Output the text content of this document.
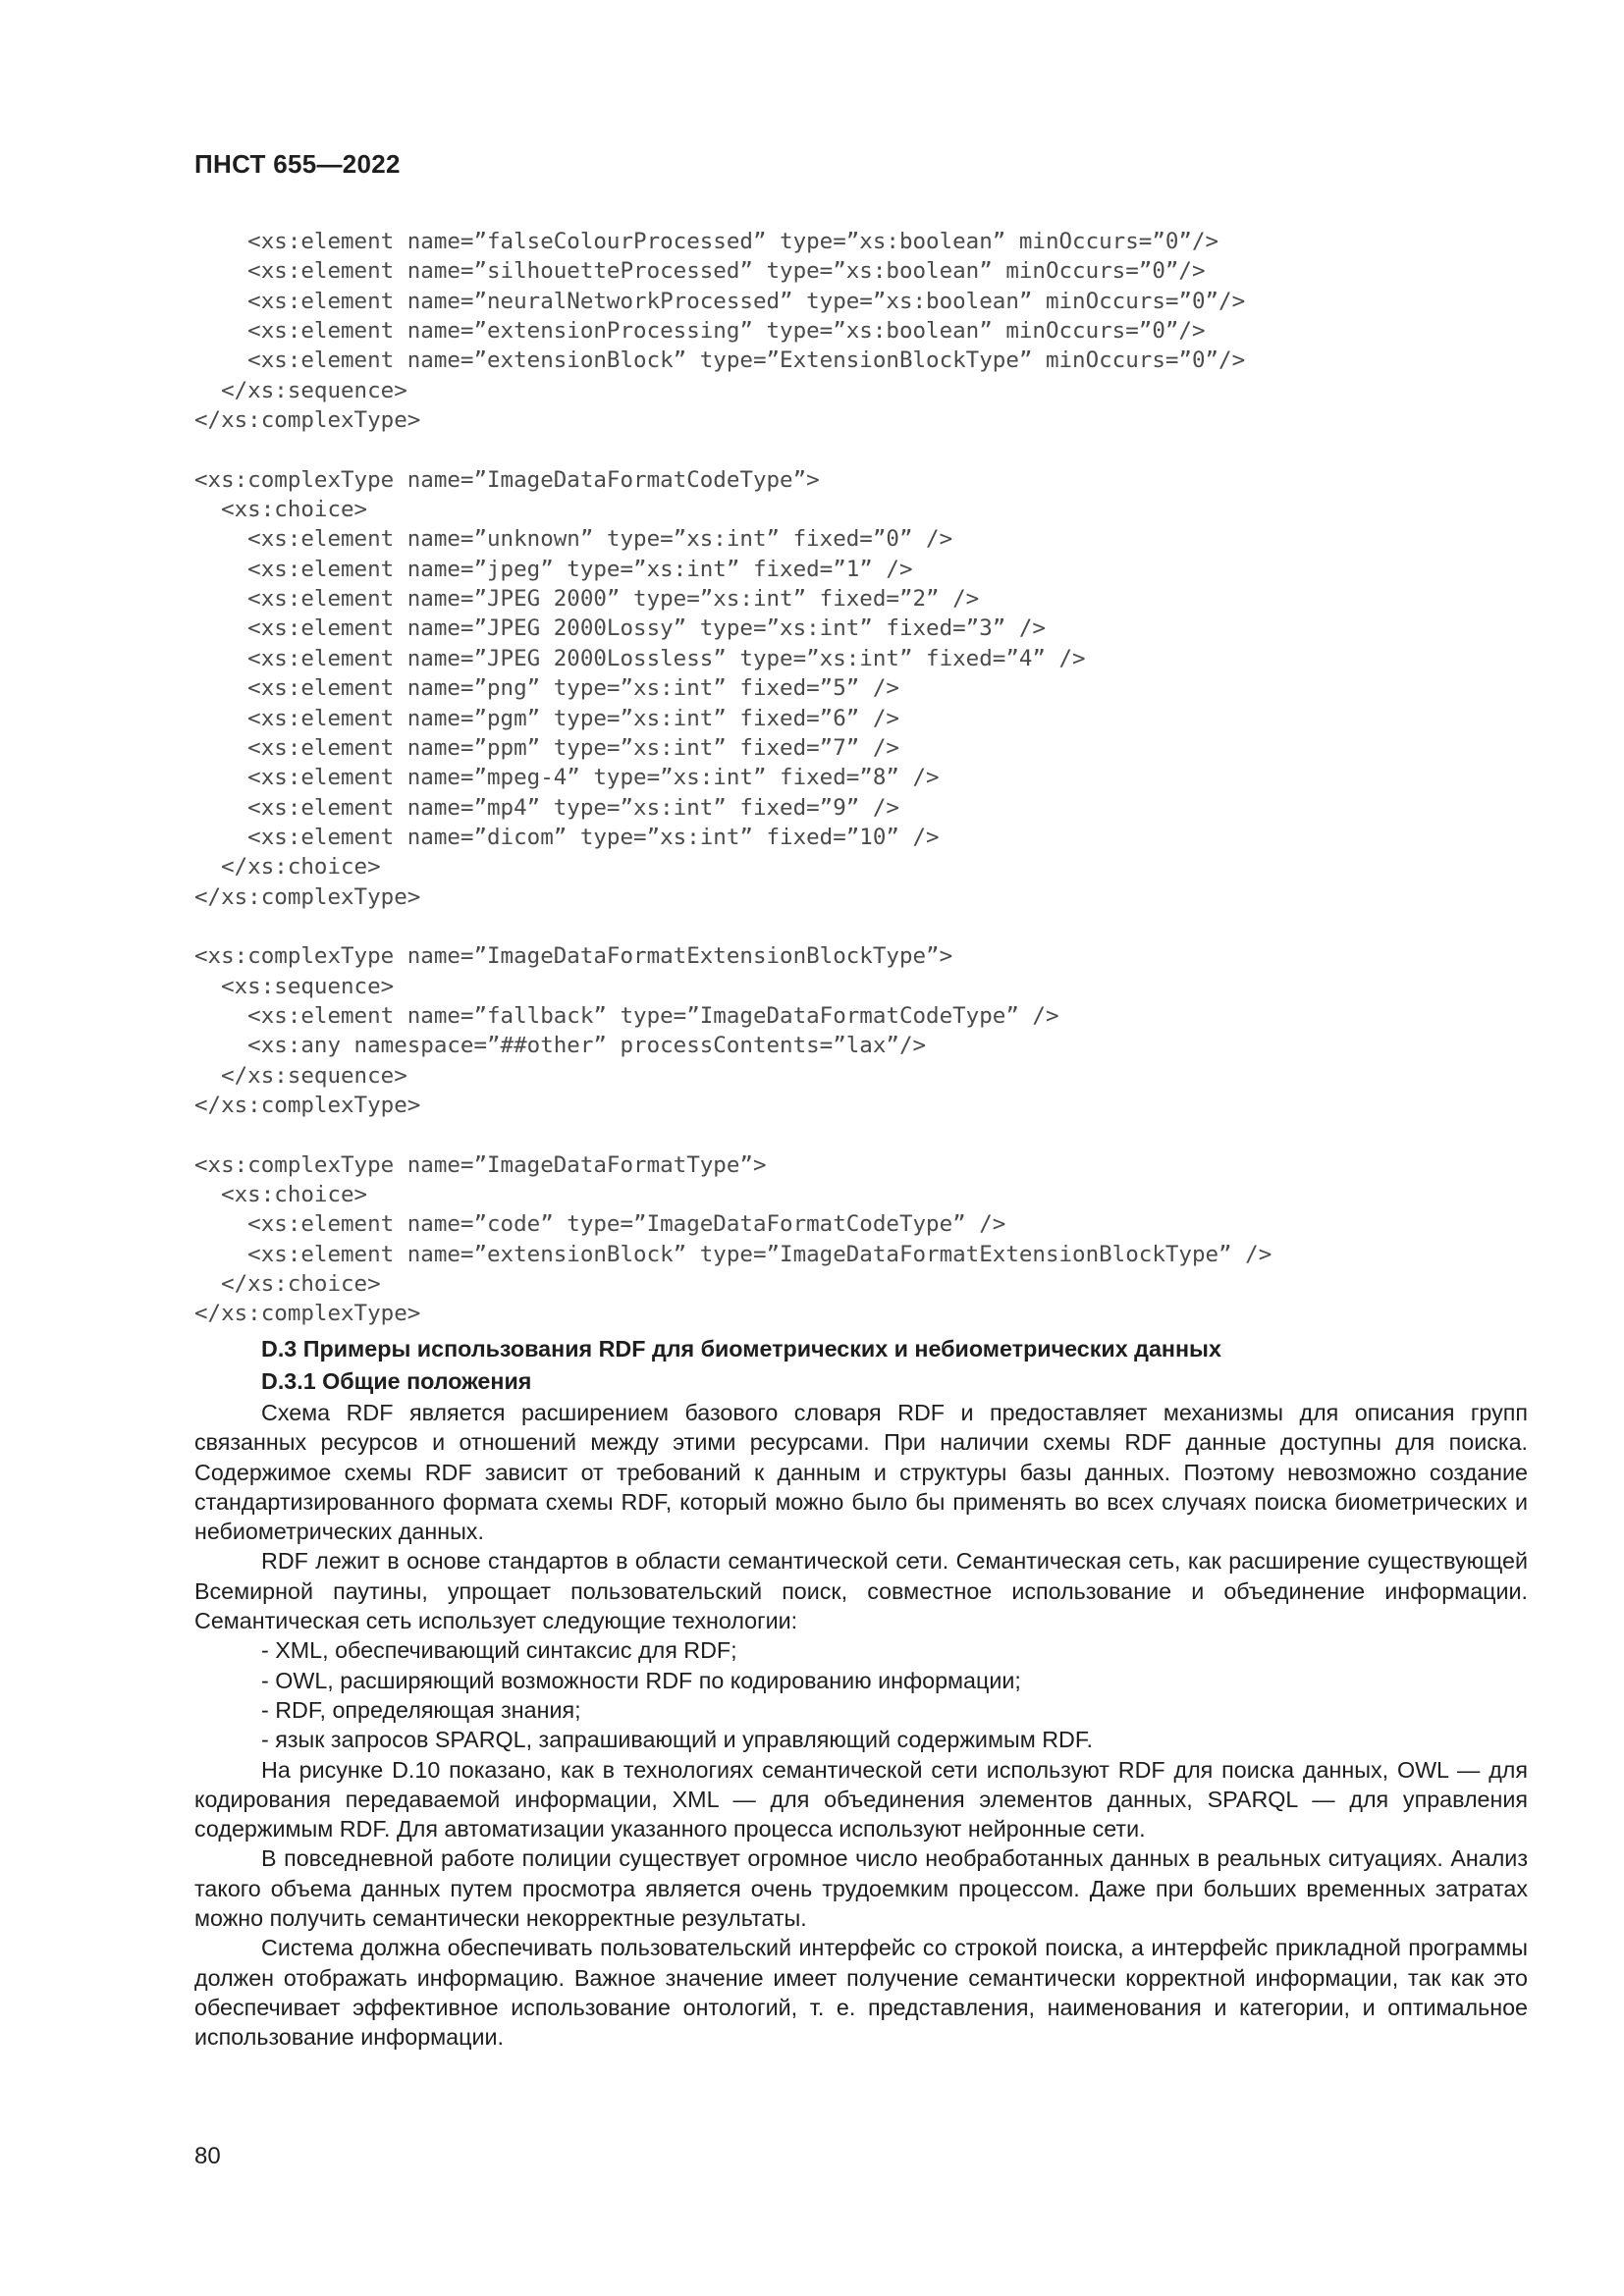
ПНСТ 655—2022
<xs:element name=”falseColourProcessed” type=”xs:boolean” minOccurs=”0”/>
<xs:element name=”silhouetteProcessed” type=”xs:boolean” minOccurs=”0”/>
<xs:element name=”neuralNetworkProcessed” type=”xs:boolean” minOccurs=”0”/>
<xs:element name=”extensionProcessing” type=”xs:boolean” minOccurs=”0”/>
<xs:element name=”extensionBlock” type=”ExtensionBlockType” minOccurs=”0”/>
</xs:sequence>
</xs:complexType>
<xs:complexType name=”ImageDataFormatCodeType”>
<xs:choice>
<xs:element name=”unknown” type=”xs:int” fixed=”0” />
<xs:element name=”jpeg” type=”xs:int” fixed=”1” />
<xs:element name=”JPEG 2000” type=”xs:int” fixed=”2” />
<xs:element name=”JPEG 2000Lossy” type=”xs:int” fixed=”3” />
<xs:element name=”JPEG 2000Lossless” type=”xs:int” fixed=”4” />
<xs:element name=”png” type=”xs:int” fixed=”5” />
<xs:element name=”pgm” type=”xs:int” fixed=”6” />
<xs:element name=”ppm” type=”xs:int” fixed=”7” />
<xs:element name=”mpeg-4” type=”xs:int” fixed=”8” />
<xs:element name=”mp4” type=”xs:int” fixed=”9” />
<xs:element name=”dicom” type=”xs:int” fixed=”10” />
</xs:choice>
</xs:complexType>
<xs:complexType name=”ImageDataFormatExtensionBlockType”>
<xs:sequence>
<xs:element name=”fallback” type=”ImageDataFormatCodeType” />
<xs:any namespace=”##other” processContents=”lax”/>
</xs:sequence>
</xs:complexType>
<xs:complexType name=”ImageDataFormatType”>
<xs:choice>
<xs:element name=”code” type=”ImageDataFormatCodeType” />
<xs:element name=”extensionBlock” type=”ImageDataFormatExtensionBlockType” />
</xs:choice>
</xs:complexType>

D.3 Примеры использования RDF для биометрических и небиометрических данных

D.3.1 Общие положения

Схема RDF является расширением базового словаря RDF и предоставляет механизмы для описания групп связанных ресурсов и отношений между этими ресурсами. При наличии схемы RDF данные доступны для поиска. Содержимое схемы RDF зависит от требований к данным и структуры базы данных. Поэтому невозможно создание стандартизированного формата схемы RDF, который можно было бы применять во всех случаях поиска биометрических и небиометрических данных.

RDF лежит в основе стандартов в области семантической сети. Семантическая сеть, как расширение существующей Всемирной паутины, упрощает пользовательский поиск, совместное использование и объединение информации. Семантическая сеть использует следующие технологии:

- XML, обеспечивающий синтаксис для RDF;
- OWL, расширяющий возможности RDF по кодированию информации;
- RDF, определяющая знания;
- язык запросов SPARQL, запрашивающий и управляющий содержимым RDF.

На рисунке D.10 показано, как в технологиях семантической сети используют RDF для поиска данных, OWL — для кодирования передаваемой информации, XML — для объединения элементов данных, SPARQL — для управления содержимым RDF. Для автоматизации указанного процесса используют нейронные сети.

В повседневной работе полиции существует огромное число необработанных данных в реальных ситуациях. Анализ такого объема данных путем просмотра является очень трудоемким процессом. Даже при больших временных затратах можно получить семантически некорректные результаты.

Система должна обеспечивать пользовательский интерфейс со строкой поиска, а интерфейс прикладной программы должен отображать информацию. Важное значение имеет получение семантически корректной информации, так как это обеспечивает эффективное использование онтологий, т. е. представления, наименования и категории, и оптимальное использование информации.

80
